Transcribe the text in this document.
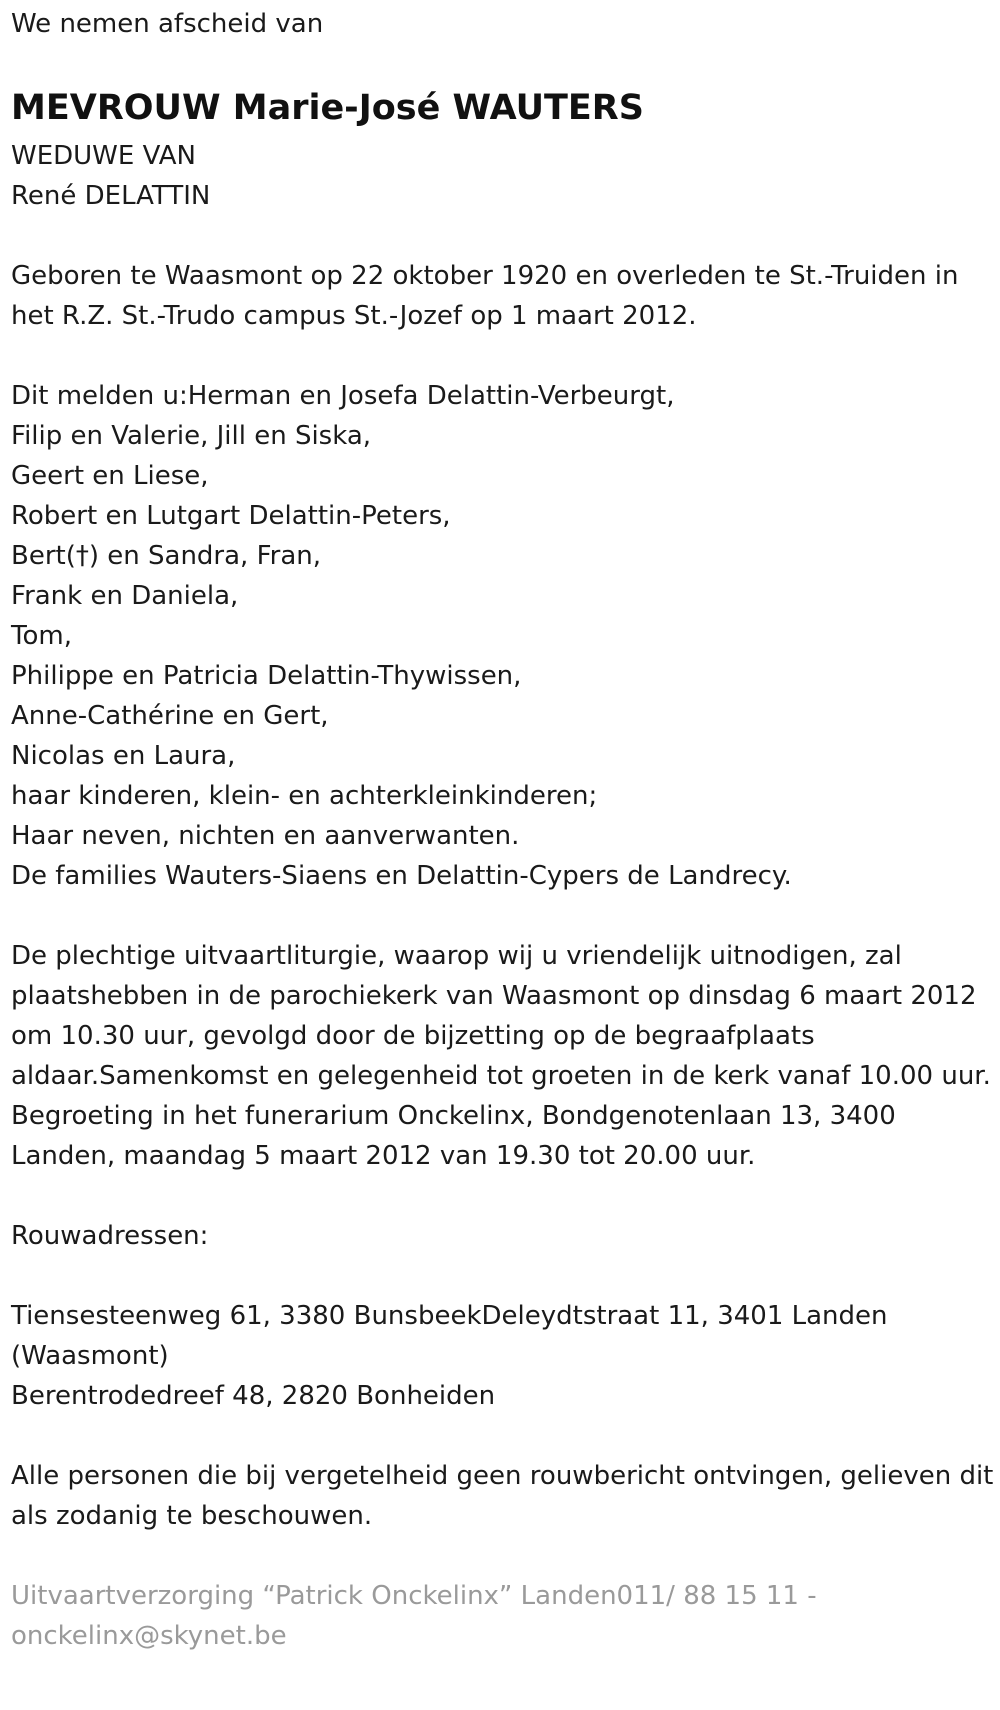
We nemen afscheid van

MEVROUW Marie-José WAUTERS

WEDUWE VAN

René DELATTIN

Geboren te Waasmont op 22 oktober 1920 en overleden te St.-Truiden in het R.Z. St.-Trudo campus St.-Jozef op 1 maart 2012.

Dit melden u:Herman en Josefa Delattin-Verbeurgt,
Filip en Valerie, Jill en Siska,
Geert en Liese,
Robert en Lutgart Delattin-Peters,
Bert(†) en Sandra, Fran,
Frank en Daniela,
Tom,
Philippe en Patricia Delattin-Thywissen,
Anne-Cathérine en Gert,
Nicolas en Laura,
haar kinderen, klein- en achterkleinkinderen;
Haar neven, nichten en aanverwanten.
De families Wauters-Siaens en Delattin-Cypers de Landrecy.

De plechtige uitvaartliturgie, waarop wij u vriendelijk uitnodigen, zal plaatshebben in de parochiekerk van Waasmont op dinsdag 6 maart 2012 om 10.30 uur, gevolgd door de bijzetting op de begraafplaats aldaar.Samenkomst en gelegenheid tot groeten in de kerk vanaf 10.00 uur.

Begroeting in het funerarium Onckelinx, Bondgenotenlaan 13, 3400 Landen, maandag 5 maart 2012 van 19.30 tot 20.00 uur.

Rouwadressen:

Tiensesteenweg 61, 3380 BunsbeekDeleydtstraat 11, 3401 Landen (Waasmont)

Berentrodedreef 48, 2820 Bonheiden

Alle personen die bij vergetelheid geen rouwbericht ontvingen, gelieven dit als zodanig te beschouwen.

Uitvaartverzorging “Patrick Onckelinx” Landen011/ 88 15 11 - onckelinx@skynet.be
